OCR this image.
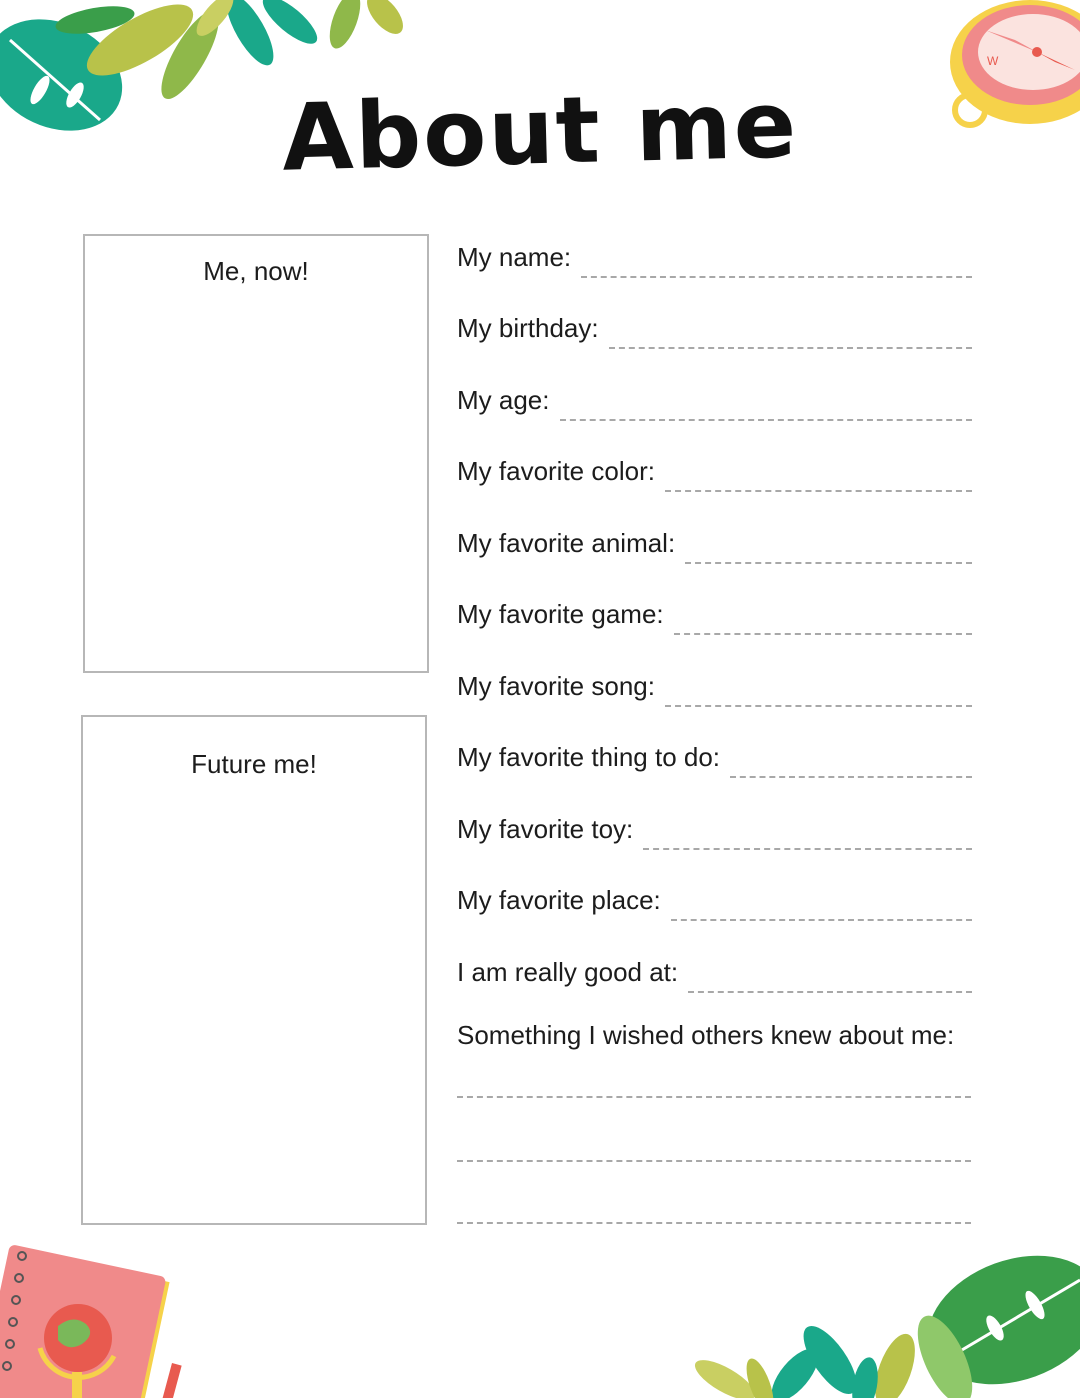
W
About me
Me, now!
Future me!
My name:
My birthday:
My age:
My favorite color:
My favorite animal:
My favorite game:
My favorite song:
My favorite thing to do:
My favorite toy:
My favorite place:
I am really good at:
Something I wished others knew about me:
